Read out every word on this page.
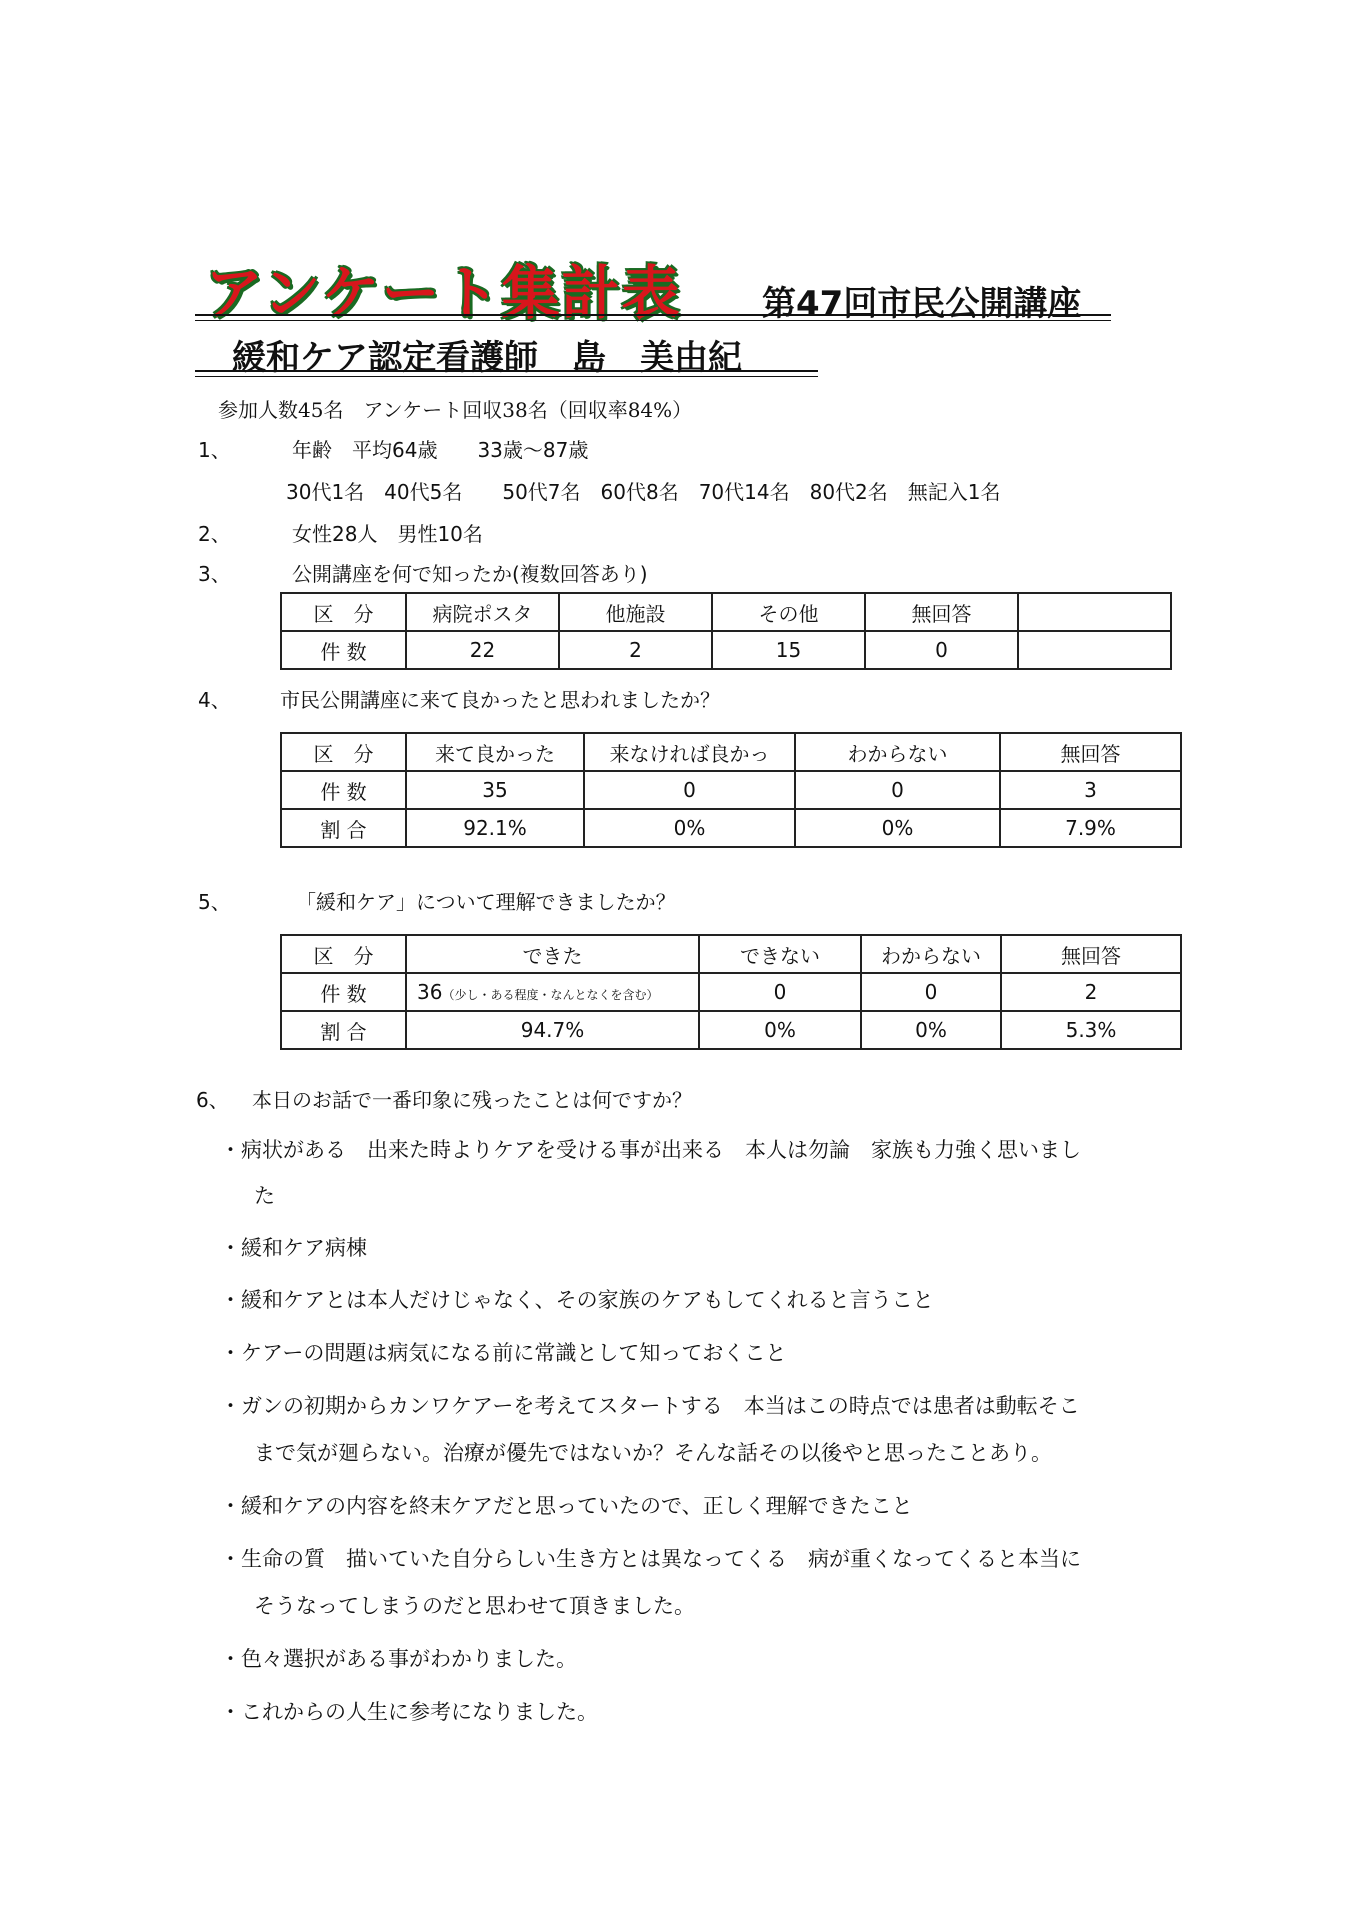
アンケート集計表 第47回市民公開講座
緩和ケア認定看護師　島　美由紀
参加人数45名　アンケート回収38名（回収率84%）
1、	年齢　平均64歳　　33歳～87歳
30代1名　40代5名　　50代7名　60代8名　70代14名　80代2名　無記入1名
2、	女性28人　男性10名
3、	公開講座を何で知ったか(複数回答あり)
区　分	病院ポスタ	他施設	その他	無回答	
件 数	22	2	15	0	
4、 市民公開講座に来て良かったと思われましたか？
区　分	来て良かった	来なければ良かっ	わからない	無回答
件 数	35	0	0	3
割 合	92.1%	0%	0%	7.9%
5、	「緩和ケア」について理解できましたか？
区　分	できた	できない	わからない	無回答
件 数	36（少し・ある程度・なんとなくを含む）	0	0	2
割 合	94.7%	0%	0%	5.3%
6、 本日のお話で一番印象に残ったことは何ですか？
・病状がある　出来た時よりケアを受ける事が出来る　本人は勿論　家族も力強く思いまし
た
・緩和ケア病棟
・緩和ケアとは本人だけじゃなく、その家族のケアもしてくれると言うこと
・ケアーの問題は病気になる前に常識として知っておくこと
・ガンの初期からカンワケアーを考えてスタートする　本当はこの時点では患者は動転そこ
まで気が廻らない。治療が優先ではないか？そんな話その以後やと思ったことあり。
・緩和ケアの内容を終末ケアだと思っていたので、正しく理解できたこと
・生命の質　描いていた自分らしい生き方とは異なってくる　病が重くなってくると本当に
そうなってしまうのだと思わせて頂きました。
・色々選択がある事がわかりました。
・これからの人生に参考になりました。
